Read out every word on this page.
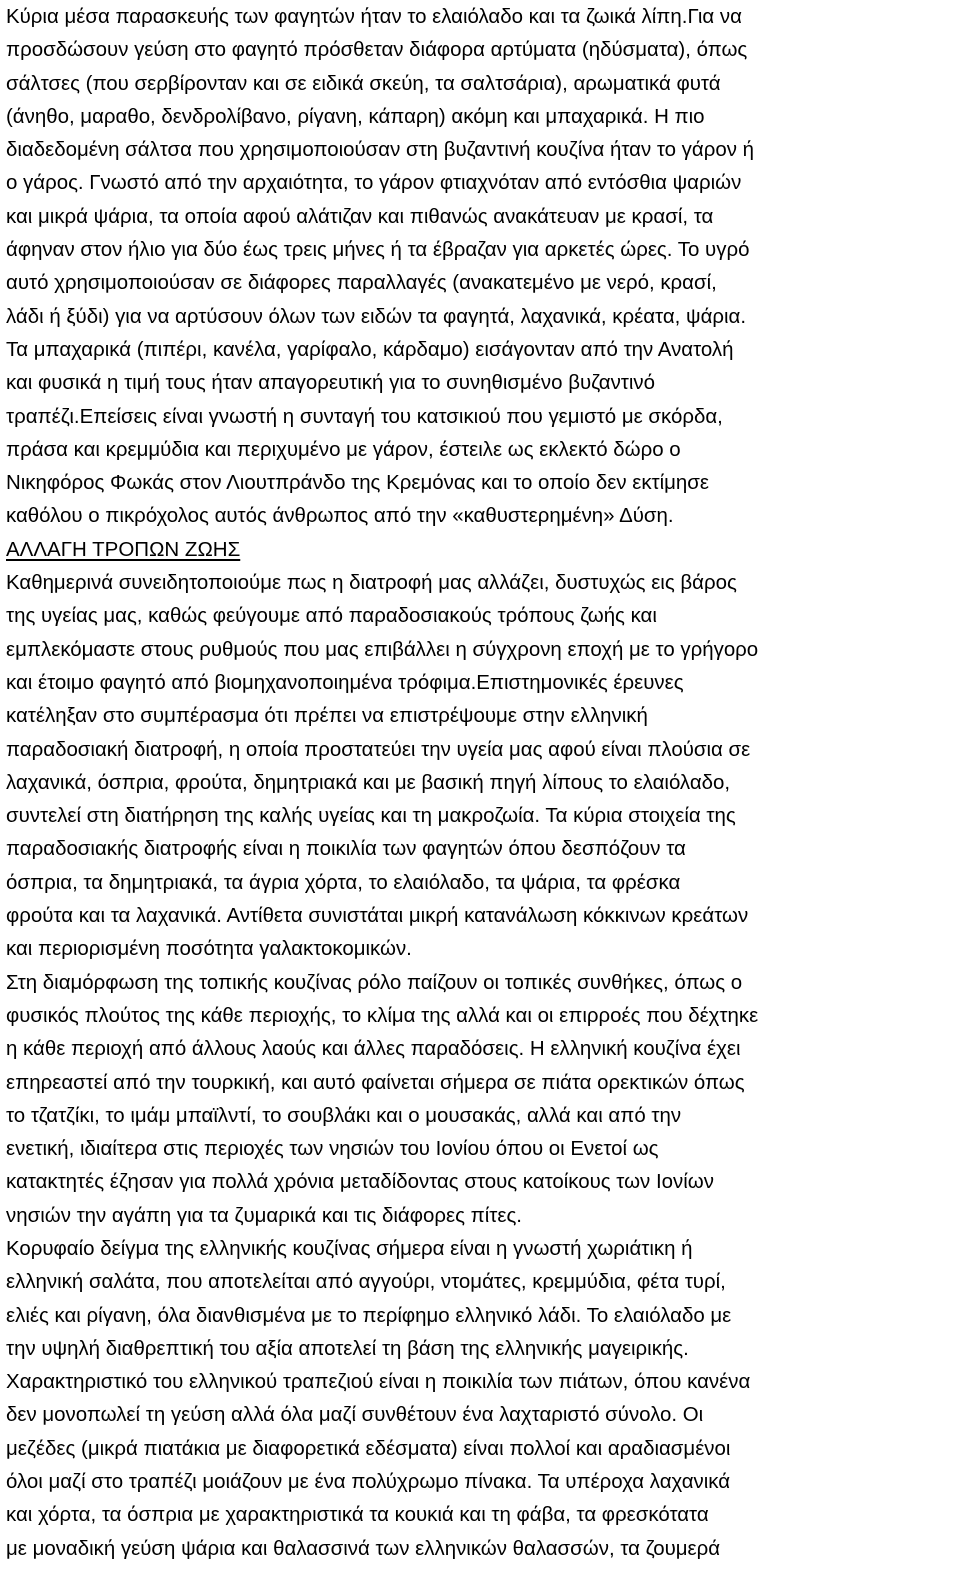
Κύρια μέσα παρασκευής των φαγητών ήταν το ελαιόλαδο και τα ζωικά λίπη.Για να
προσδώσουν γεύση στο φαγητό πρόσθεταν διάφορα αρτύματα (ηδύσματα), όπως
σάλτσες (που σερβίρονταν και σε ειδικά σκεύη, τα σαλτσάρια), αρωματικά φυτά
(άνηθο, μαραθο, δενδρολίβανο, ρίγανη, κάπαρη) ακόμη και μπαχαρικά. Η πιο
διαδεδομένη σάλτσα που χρησιμοποιούσαν στη βυζαντινή κουζίνα ήταν το γάρον ή
ο γάρος. Γνωστό από την αρχαιότητα, το γάρον φτιαχνόταν από εντόσθια ψαριών
και μικρά ψάρια, τα οποία αφού αλάτιζαν και πιθανώς ανακάτευαν με κρασί, τα
άφηναν στον ήλιο για δύο έως τρεις μήνες ή τα έβραζαν για αρκετές ώρες. Το υγρό
αυτό χρησιμοποιούσαν σε διάφορες παραλλαγές (ανακατεμένο με νερό, κρασί,
λάδι ή ξύδι) για να αρτύσουν όλων των ειδών τα φαγητά, λαχανικά, κρέατα, ψάρια.
Τα μπαχαρικά (πιπέρι, κανέλα, γαρίφαλο, κάρδαμο) εισάγονταν από την Ανατολή
και φυσικά η τιμή τους ήταν απαγορευτική για το συνηθισμένο βυζαντινό
τραπέζι.Επείσεις είναι γνωστή η συνταγή του κατσικιού που γεμιστό με σκόρδα,
πράσα και κρεμμύδια και περιχυμένο με γάρον, έστειλε ως εκλεκτό δώρο ο
Νικηφόρος Φωκάς στον Λιουτπράνδο της Κρεμόνας και το οποίο δεν εκτίμησε
καθόλου ο πικρόχολος αυτός άνθρωπος από την «καθυστερημένη» Δύση.
ΑΛΛΑΓΗ ΤΡΟΠΩΝ ΖΩΗΣ
Καθημερινά συνειδητοποιούμε πως η διατροφή μας αλλάζει, δυστυχώς εις βάρος
της υγείας μας, καθώς φεύγουμε από παραδοσιακούς τρόπους ζωής και
εμπλεκόμαστε στους ρυθμούς που μας επιβάλλει η σύγχρονη εποχή με το γρήγορο
και έτοιμο φαγητό από βιομηχανοποιημένα τρόφιμα.Επιστημονικές έρευνες
κατέληξαν στο συμπέρασμα ότι πρέπει να επιστρέψουμε στην ελληνική
παραδοσιακή διατροφή, η οποία προστατεύει την υγεία μας αφού είναι πλούσια σε
λαχανικά, όσπρια, φρούτα, δημητριακά και με βασική πηγή λίπους το ελαιόλαδο,
συντελεί στη διατήρηση της καλής υγείας και τη μακροζωία. Τα κύρια στοιχεία της
παραδοσιακής διατροφής είναι η ποικιλία των φαγητών όπου δεσπόζουν τα
όσπρια, τα δημητριακά, τα άγρια χόρτα, το ελαιόλαδο, τα ψάρια, τα φρέσκα
φρούτα και τα λαχανικά. Αντίθετα συνιστάται μικρή κατανάλωση κόκκινων κρεάτων
και περιορισμένη ποσότητα γαλακτοκομικών.
Στη διαμόρφωση της τοπικής κουζίνας ρόλο παίζουν οι τοπικές συνθήκες, όπως ο
φυσικός πλούτος της κάθε περιοχής, το κλίμα της αλλά και οι επιρροές που δέχτηκε
η κάθε περιοχή από άλλους λαούς και άλλες παραδόσεις. Η ελληνική κουζίνα έχει
επηρεαστεί από την τουρκική, και αυτό φαίνεται σήμερα σε πιάτα ορεκτικών όπως
το τζατζίκι, το ιμάμ μπαϊλντί, το σουβλάκι και ο μουσακάς, αλλά και από την
ενετική, ιδιαίτερα στις περιοχές των νησιών του Ιονίου όπου οι Ενετοί ως
κατακτητές έζησαν για πολλά χρόνια μεταδίδοντας στους κατοίκους των Ιονίων
νησιών την αγάπη για τα ζυμαρικά και τις διάφορες πίτες.
Κορυφαίο δείγμα της ελληνικής κουζίνας σήμερα είναι η γνωστή χωριάτικη ή
ελληνική σαλάτα, που αποτελείται από αγγούρι, ντομάτες, κρεμμύδια, φέτα τυρί,
ελιές και ρίγανη, όλα διανθισμένα με το περίφημο ελληνικό λάδι. Το ελαιόλαδο με
την υψηλή διαθρεπτική του αξία αποτελεί τη βάση της ελληνικής μαγειρικής.
Χαρακτηριστικό του ελληνικού τραπεζιού είναι η ποικιλία των πιάτων, όπου κανένα
δεν μονοπωλεί τη γεύση αλλά όλα μαζί συνθέτουν ένα λαχταριστό σύνολο. Οι
μεζέδες (μικρά πιατάκια με διαφορετικά εδέσματα) είναι πολλοί και αραδιασμένοι
όλοι μαζί στο τραπέζι μοιάζουν με ένα πολύχρωμο πίνακα. Τα υπέροχα λαχανικά
και χόρτα, τα όσπρια με χαρακτηριστικά τα κουκιά και τη φάβα, τα φρεσκότατα
με μοναδική γεύση ψάρια και θαλασσινά των ελληνικών θαλασσών, τα ζουμερά
